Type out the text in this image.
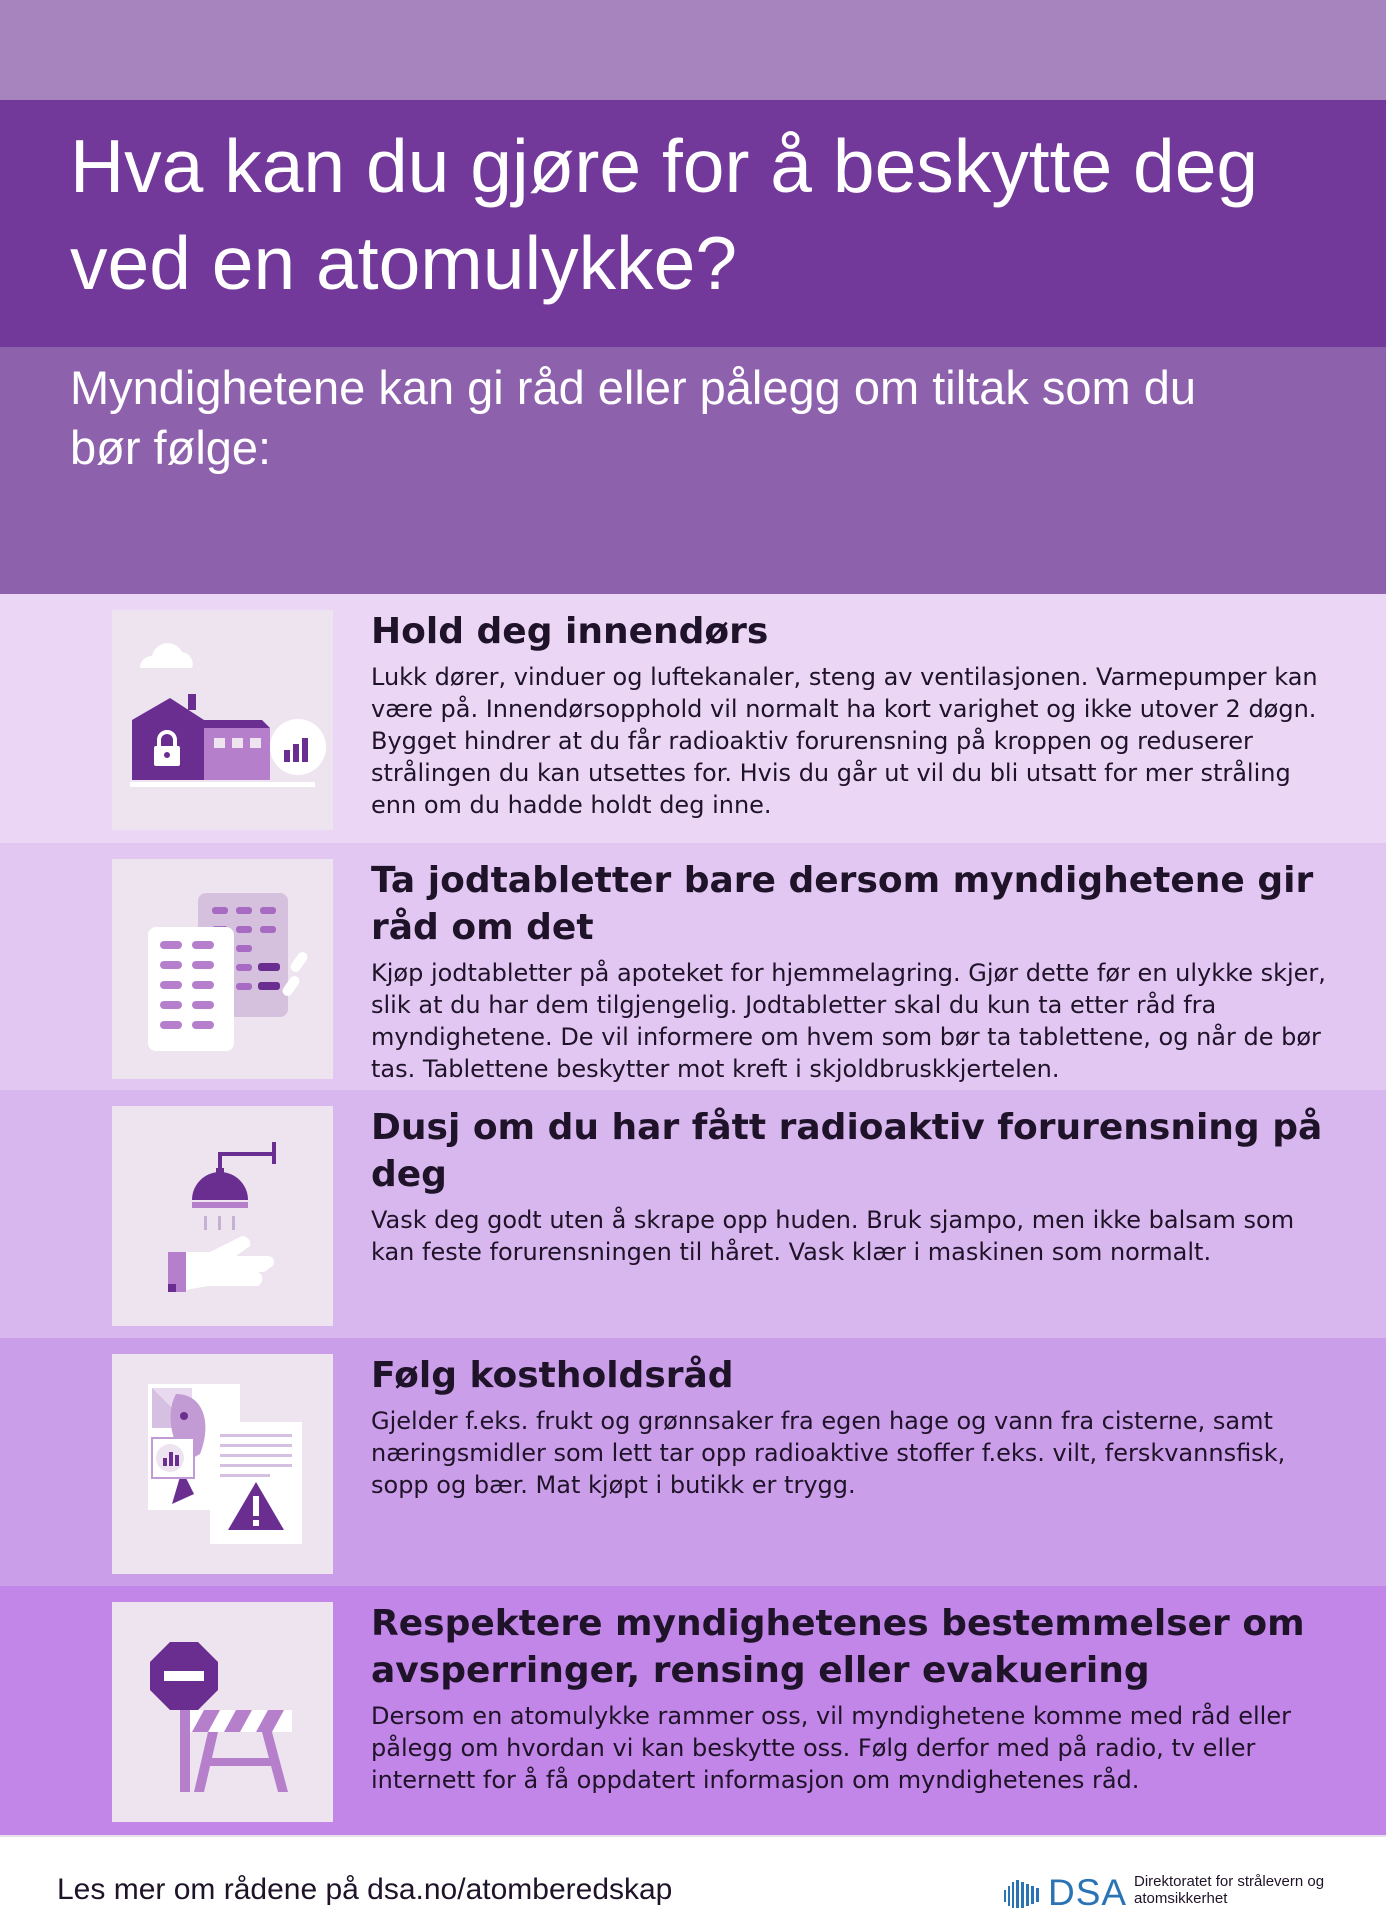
Hva kan du gjøre for å beskytte deg ved en atomulykke?

Myndighetene kan gi råd eller pålegg om tiltak som du bør følge:

Hold deg innendørs

Lukk dører, vinduer og luftekanaler, steng av ventilasjonen. Varmepumper kan være på. Innendørsopphold vil normalt ha kort varighet og ikke utover 2 døgn. Bygget hindrer at du får radioaktiv forurensning på kroppen og reduserer strålingen du kan utsettes for. Hvis du går ut vil du bli utsatt for mer stråling enn om du hadde holdt deg inne.

Ta jodtabletter bare dersom myndighetene gir råd om det

Kjøp jodtabletter på apoteket for hjemmelagring. Gjør dette før en ulykke skjer, slik at du har dem tilgjengelig. Jodtabletter skal du kun ta etter råd fra myndighetene. De vil informere om hvem som bør ta tablettene, og når de bør tas. Tablettene beskytter mot kreft i skjoldbruskkjertelen.

Dusj om du har fått radioaktiv forurensning på deg

Vask deg godt uten å skrape opp huden. Bruk sjampo, men ikke balsam som kan feste forurensningen til håret. Vask klær i maskinen som normalt.

Følg kostholdsråd

Gjelder f.eks. frukt og grønnsaker fra egen hage og vann fra cisterne, samt næringsmidler som lett tar opp radioaktive stoffer f.eks. vilt, ferskvannsfisk, sopp og bær. Mat kjøpt i butikk er trygg.

Respektere myndighetenes bestemmelser om avsperringer, rensing eller evakuering

Dersom en atomulykke rammer oss, vil myndighetene komme med råd eller pålegg om hvordan vi kan beskytte oss. Følg derfor med på radio, tv eller internett for å få oppdatert informasjon om myndighetenes råd.

Les mer om rådene på dsa.no/atomberedskap	DSA Direktoratet for strålevern og atomsikkerhet
